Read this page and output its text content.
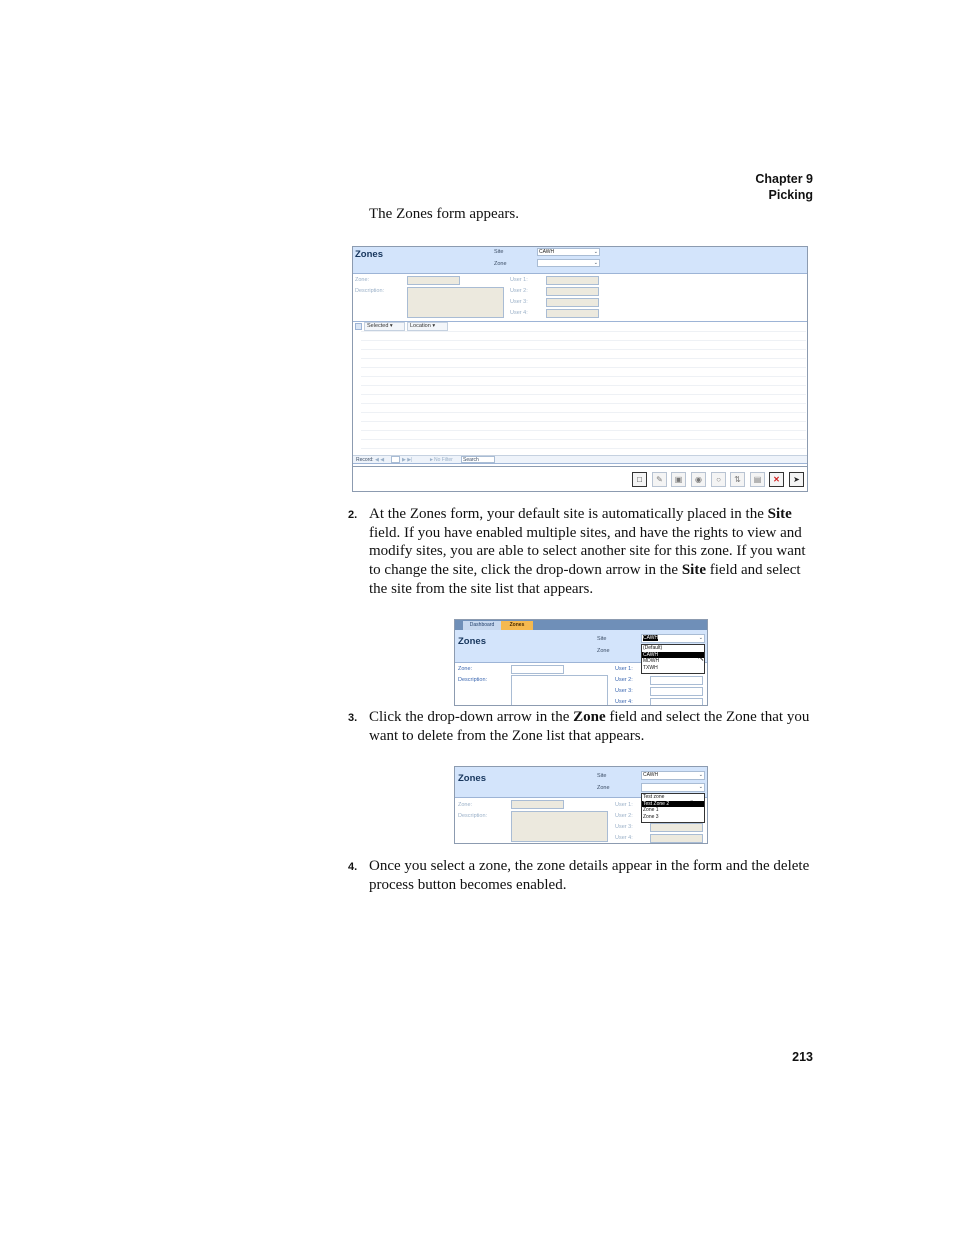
Chapter 9
Picking
The Zones form appears.
Zones	Site	CAWH	⌄
Zone	⌄
Zone:
Description:
User 1:
User 2:
User 3:
User 4:
Selected ▾	Location ▾
Record: ◀ ◀	▶ ▶|	►No Filter	Search
□	✎	▣	◉	○	⇅	▤	✕	➤
2. At the Zones form, your default site is automatically placed in the Site field. If you have enabled multiple sites, and have the rights to view and modify sites, you are able to select another site for this zone. If you want to change the site, click the drop-down arrow in the Site field and select the site from the site list that appears.
Dashboard	Zones
Zones	Site	CAWH	⌄
Zone
Zone:
Description:
User 1:
User 2:
User 3:
User 4:
(Default)
CAWH
MDWH
TXWH
↖
3. Click the drop-down arrow in the Zone field and select the Zone that you want to delete from the Zone list that appears.
Zones	Site	CAWH	⌄
Zone	⌄
Zone:
Description:
User 1:
User 2:
User 3:
User 4:
Test zone
Test Zone 2
Zone 1
Zone 3
↖
4. Once you select a zone, the zone details appear in the form and the delete process button becomes enabled.
213
